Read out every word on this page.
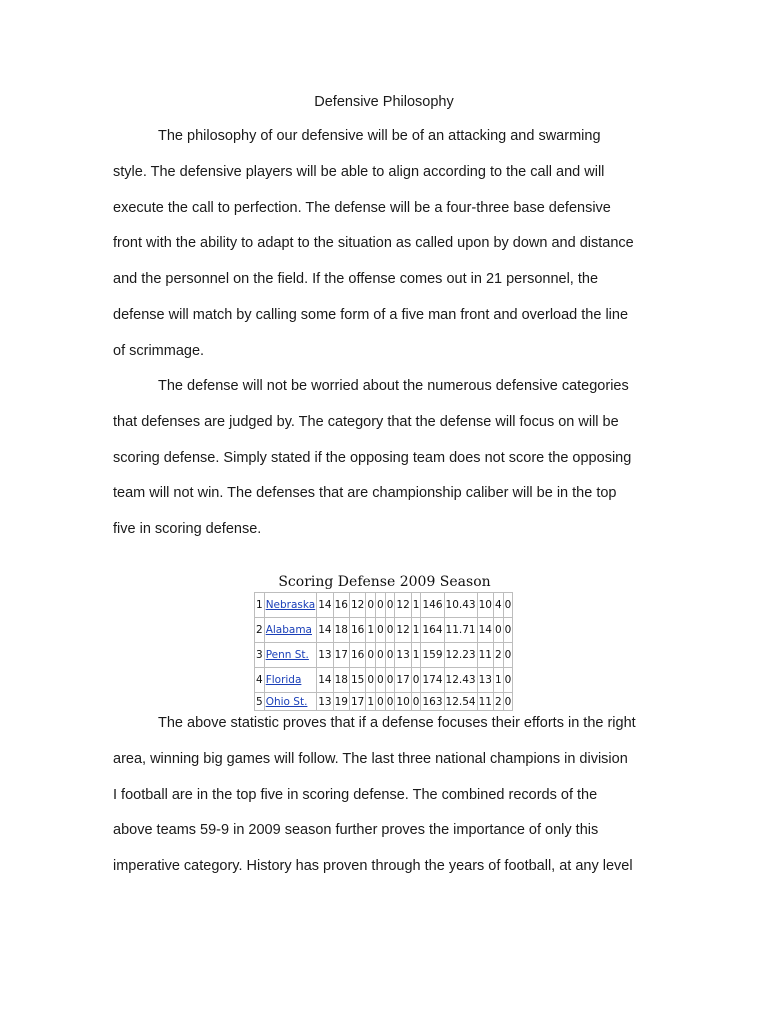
Defensive Philosophy

The philosophy of our defensive will be of an attacking and swarming
style. The defensive players will be able to align according to the call and will
execute the call to perfection. The defense will be a four-three base defensive
front with the ability to adapt to the situation as called upon by down and distance
and the personnel on the field. If the offense comes out in 21 personnel, the
defense will match by calling some form of a five man front and overload the line
of scrimmage.

The defense will not be worried about the numerous defensive categories
that defenses are judged by. The category that the defense will focus on will be
scoring defense. Simply stated if the opposing team does not score the opposing
team will not win. The defenses that are championship caliber will be in the top
five in scoring defense.

Scoring Defense 2009 Season
1	Nebraska	14	16	12	0	0	0	12	1	146	10.43	10	4	0
2	Alabama	14	18	16	1	0	0	12	1	164	11.71	14	0	0
3	Penn St.	13	17	16	0	0	0	13	1	159	12.23	11	2	0
4	Florida	14	18	15	0	0	0	17	0	174	12.43	13	1	0
5	Ohio St.	13	19	17	1	0	0	10	0	163	12.54	11	2	0

The above statistic proves that if a defense focuses their efforts in the right
area, winning big games will follow. The last three national champions in division
I football are in the top five in scoring defense. The combined records of the
above teams 59-9 in 2009 season further proves the importance of only this
imperative category. History has proven through the years of football, at any level
